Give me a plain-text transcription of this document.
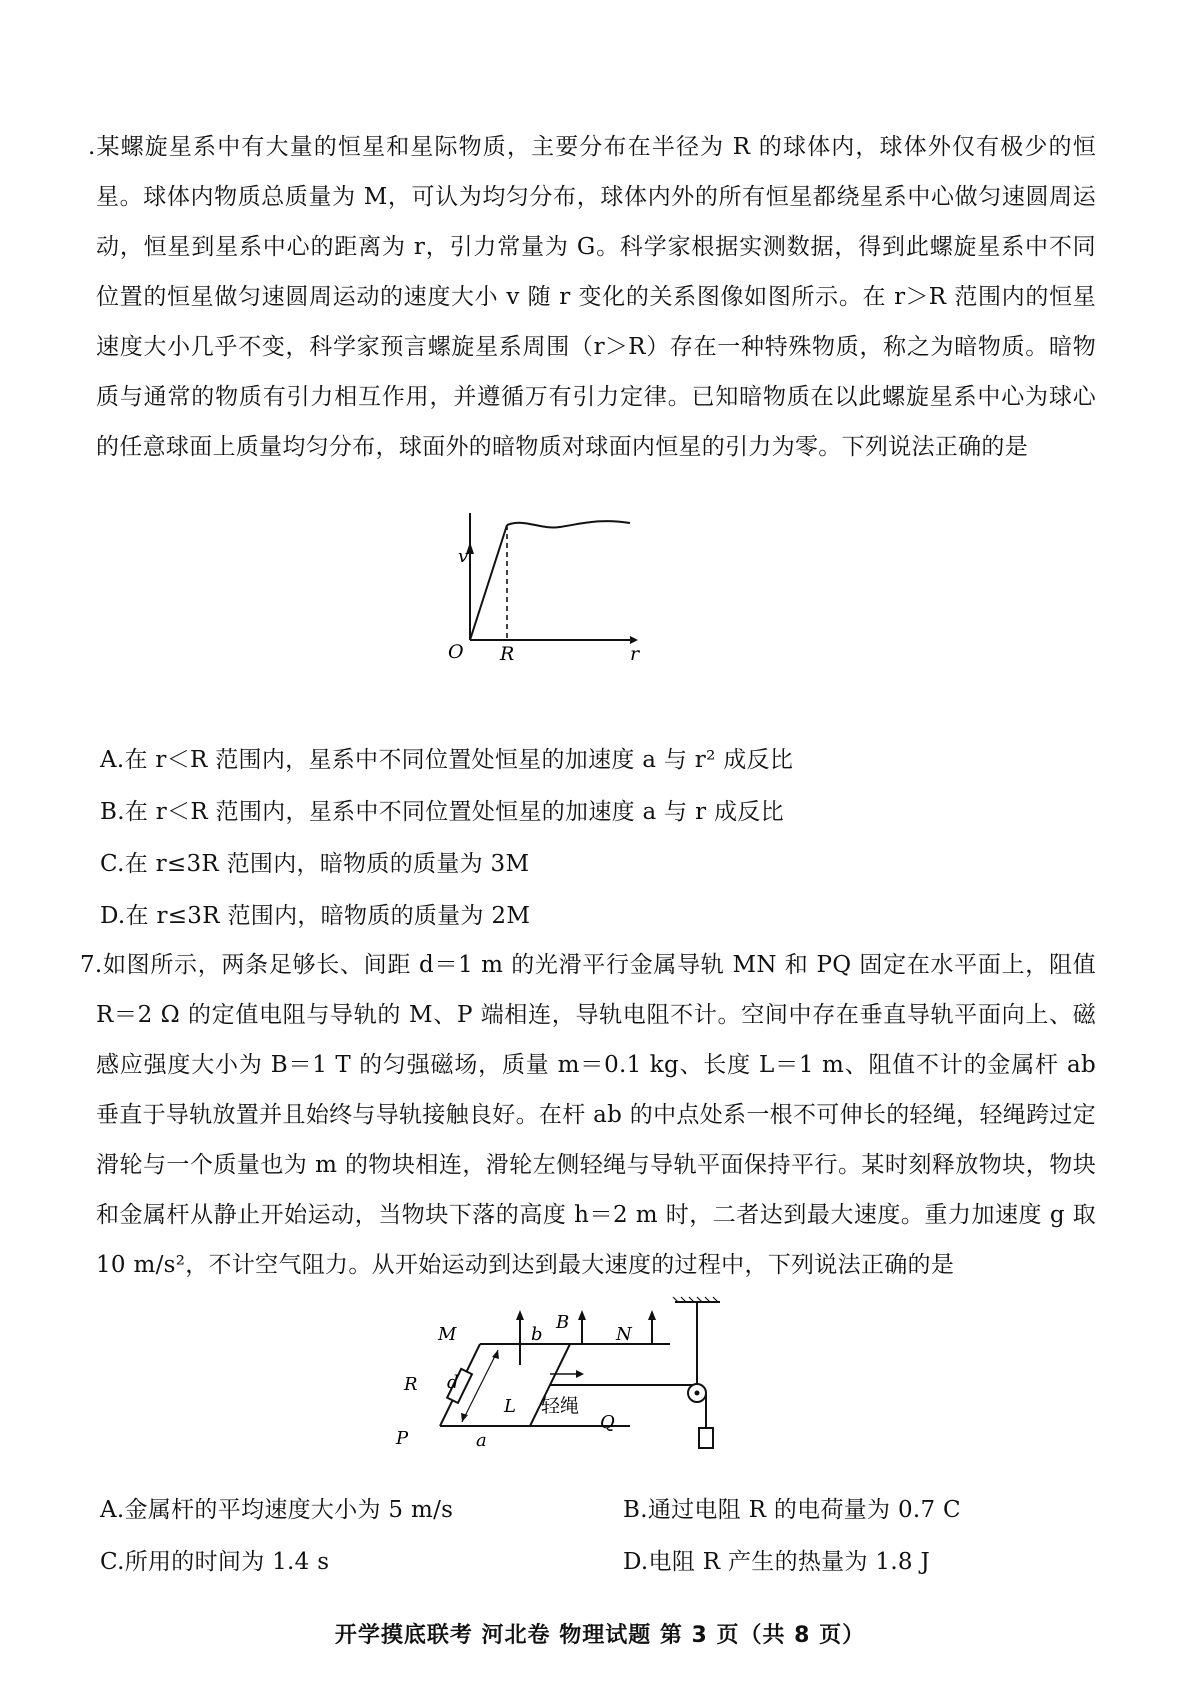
.某螺旋星系中有大量的恒星和星际物质，主要分布在半径为 R 的球体内，球体外仅有极少的恒星。球体内物质总质量为 M，可认为均匀分布，球体内外的所有恒星都绕星系中心做匀速圆周运动，恒星到星系中心的距离为 r，引力常量为 G。科学家根据实测数据，得到此螺旋星系中不同位置的恒星做匀速圆周运动的速度大小 v 随 r 变化的关系图像如图所示。在 r＞R 范围内的恒星速度大小几乎不变，科学家预言螺旋星系周围（r＞R）存在一种特殊物质，称之为暗物质。暗物质与通常的物质有引力相互作用，并遵循万有引力定律。已知暗物质在以此螺旋星系中心为球心的任意球面上质量均匀分布，球面外的暗物质对球面内恒星的引力为零。下列说法正确的是

O R	r
v
A.在 r＜R 范围内，星系中不同位置处恒星的加速度 a 与 r² 成反比
B.在 r＜R 范围内，星系中不同位置处恒星的加速度 a 与 r 成反比
C.在 r≤3R 范围内，暗物质的质量为 3M
D.在 r≤3R 范围内，暗物质的质量为 2M

7.如图所示，两条足够长、间距 d＝1 m 的光滑平行金属导轨 MN 和 PQ 固定在水平面上，阻值 R＝2 Ω 的定值电阻与导轨的 M、P 端相连，导轨电阻不计。空间中存在垂直导轨平面向上、磁感应强度大小为 B＝1 T 的匀强磁场，质量 m＝0.1 kg、长度 L＝1 m、阻值不计的金属杆 ab 垂直于导轨放置并且始终与导轨接触良好。在杆 ab 的中点处系一根不可伸长的轻绳，轻绳跨过定滑轮与一个质量也为 m 的物块相连，滑轮左侧轻绳与导轨平面保持平行。某时刻释放物块，物块和金属杆从静止开始运动，当物块下落的高度 h＝2 m 时，二者达到最大速度。重力加速度 g 取 10 m/s²，不计空气阻力。从开始运动到达到最大速度的过程中，下列说法正确的是

M	N
P
Q
a
b
B
R d
L 轻绳
A.金属杆的平均速度大小为 5 m/s	B.通过电阻 R 的电荷量为 0.7 C
C.所用的时间为 1.4 s	D.电阻 R 产生的热量为 1.8 J
开学摸底联考 河北卷 物理试题 第 3 页（共 8 页）
